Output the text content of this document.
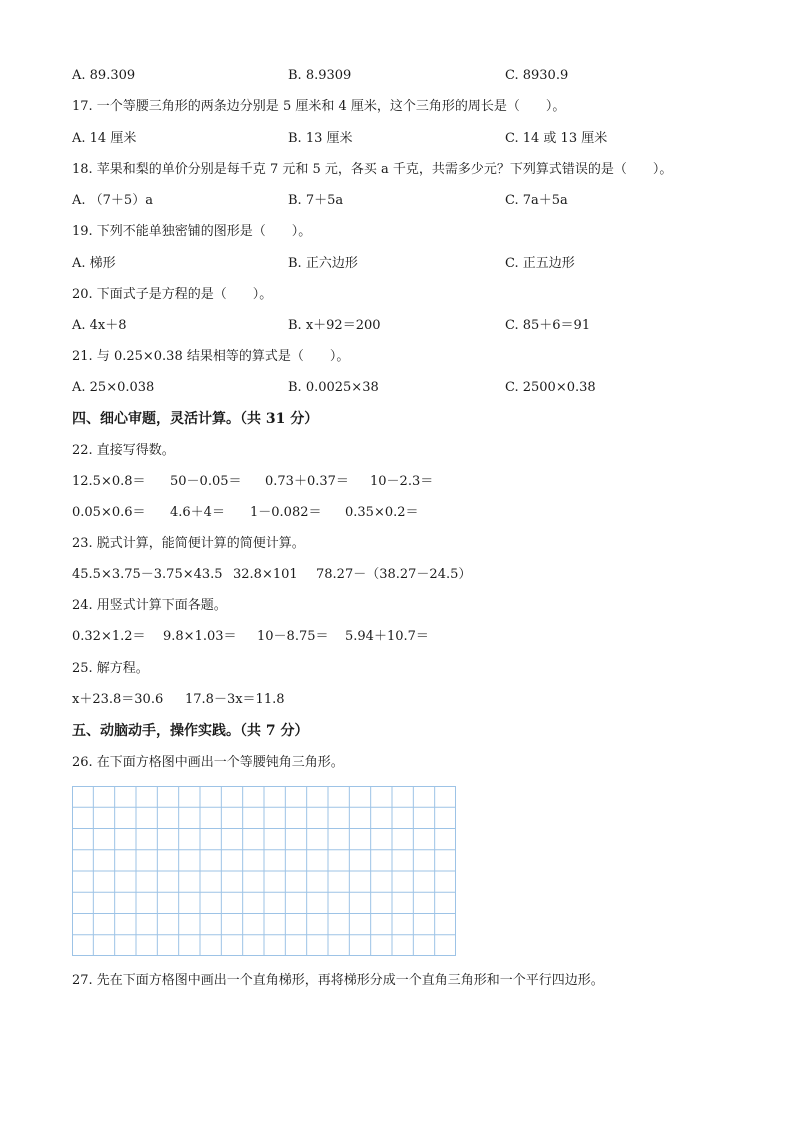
A. 89.309	B. 8.9309	C. 8930.9
17. 一个等腰三角形的两条边分别是 5 厘米和 4 厘米，这个三角形的周长是（　　）。
A. 14 厘米	B. 13 厘米	C. 14 或 13 厘米
18. 苹果和梨的单价分别是每千克 7 元和 5 元，各买 a 千克，共需多少元？下列算式错误的是（　　）。
A. （7＋5）a	B. 7＋5a	C. 7a＋5a
19. 下列不能单独密铺的图形是（　　）。
A. 梯形	B. 正六边形	C. 正五边形
20. 下面式子是方程的是（　　）。
A. 4x＋8	B. x＋92＝200	C. 85＋6＝91
21. 与 0.25×0.38 结果相等的算式是（　　）。
A. 25×0.038	B. 0.0025×38	C. 2500×0.38
四、细心审题，灵活计算。（共 31 分）
22. 直接写得数。
12.5×0.8＝ 50－0.05＝ 0.73＋0.37＝ 10－2.3＝
0.05×0.6＝ 4.6＋4＝ 1－0.082＝ 0.35×0.2＝
23. 脱式计算，能简便计算的简便计算。
45.5×3.75－3.75×43.5 32.8×101 78.27－（38.27－24.5）
24. 用竖式计算下面各题。
0.32×1.2＝ 9.8×1.03＝ 10－8.75＝ 5.94＋10.7＝
25. 解方程。
x＋23.8＝30.6 17.8－3x＝11.8
五、动脑动手，操作实践。（共 7 分）
26. 在下面方格图中画出一个等腰钝角三角形。
27. 先在下面方格图中画出一个直角梯形，再将梯形分成一个直角三角形和一个平行四边形。
